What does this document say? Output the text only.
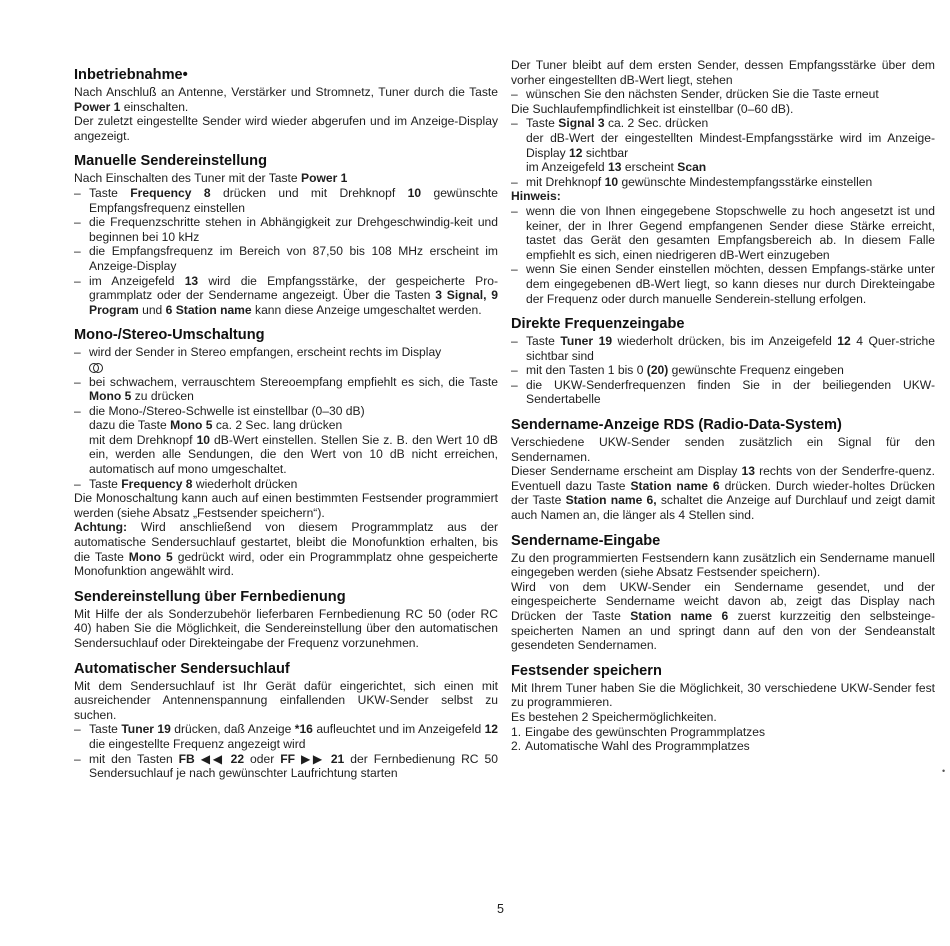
Inbetriebnahme•

Nach Anschluß an Antenne, Verstärker und Stromnetz, Tuner durch die Taste Power 1 einschalten.

Der zuletzt eingestellte Sender wird wieder abgerufen und im Anzeige-Display angezeigt.

Manuelle Sendereinstellung

Nach Einschalten des Tuner mit der Taste Power 1

– Taste Frequency 8 drücken und mit Drehknopf 10 gewünschte Empfangsfrequenz einstellen
– die Frequenzschritte stehen in Abhängigkeit zur Drehgeschwindig-keit und beginnen bei 10 kHz
– die Empfangsfrequenz im Bereich von 87,50 bis 108 MHz erscheint im Anzeige-Display
– im Anzeigefeld 13 wird die Empfangsstärke, der gespeicherte Pro-grammplatz oder der Sendername angezeigt. Über die Tasten 3 Signal, 9 Program und 6 Station name kann diese Anzeige umgeschaltet werden.
Mono-/Stereo-Umschaltung
– wird der Sender in Stereo empfangen, erscheint rechts im Display

– bei schwachem, verrauschtem Stereoempfang empfiehlt es sich, die Taste Mono 5 zu drücken
– die Mono-/Stereo-Schwelle ist einstellbar (0–30 dB)

dazu die Taste Mono 5 ca. 2 Sec. lang drücken

mit dem Drehknopf 10 dB-Wert einstellen. Stellen Sie z. B. den Wert 10 dB ein, werden alle Sendungen, die den Wert von 10 dB nicht erreichen, automatisch auf mono umgeschaltet.

– Taste Frequency 8 wiederholt drücken

Die Monoschaltung kann auch auf einen bestimmten Festsender programmiert werden (siehe Absatz „Festsender speichern“).

Achtung: Wird anschließend von diesem Programmplatz aus der automatische Sendersuchlauf gestartet, bleibt die Monofunktion erhalten, bis die Taste Mono 5 gedrückt wird, oder ein Programmplatz ohne gespeicherte Monofunktion angewählt wird.

Sendereinstellung über Fernbedienung

Mit Hilfe der als Sonderzubehör lieferbaren Fernbedienung RC 50 (oder RC 40) haben Sie die Möglichkeit, die Sendereinstellung über den automatischen Sendersuchlauf oder Direkteingabe der Frequenz vorzunehmen.

Automatischer Sendersuchlauf

Mit dem Sendersuchlauf ist Ihr Gerät dafür eingerichtet, sich einen mit ausreichender Antennenspannung einfallenden UKW-Sender selbst zu suchen.

– Taste Tuner 19 drücken, daß Anzeige *16 aufleuchtet und im Anzeigefeld 12 die eingestellte Frequenz angezeigt wird
– mit den Tasten FB ◀◀ 22 oder FF ▶▶ 21 der Fernbedienung RC 50 Sendersuchlauf je nach gewünschter Laufrichtung starten

Der Tuner bleibt auf dem ersten Sender, dessen Empfangsstärke über dem vorher eingestellten dB-Wert liegt, stehen

– wünschen Sie den nächsten Sender, drücken Sie die Taste erneut

Die Suchlaufempfindlichkeit ist einstellbar (0–60 dB).

– Taste Signal 3 ca. 2 Sec. drücken

der dB-Wert der eingestellten Mindest-Empfangsstärke wird im Anzeige-Display 12 sichtbar

im Anzeigefeld 13 erscheint Scan

– mit Drehknopf 10 gewünschte Mindestempfangsstärke einstellen

Hinweis:

– wenn die von Ihnen eingegebene Stopschwelle zu hoch angesetzt ist und keiner, der in Ihrer Gegend empfangenen Sender diese Stärke erreicht, tastet das Gerät den gesamten Empfangsbereich ab. In diesem Falle empfiehlt es sich, einen niedrigeren dB-Wert einzugeben
– wenn Sie einen Sender einstellen möchten, dessen Empfangs-stärke unter dem eingegebenen dB-Wert liegt, so kann dieses nur durch Direkteingabe der Frequenz oder durch manuelle Senderein-stellung erfolgen.
Direkte Frequenzeingabe
– Taste Tuner 19 wiederholt drücken, bis im Anzeigefeld 12 4 Quer-striche sichtbar sind
– mit den Tasten 1 bis 0 (20) gewünschte Frequenz eingeben
– die UKW-Senderfrequenzen finden Sie in der beiliegenden UKW-Sendertabelle
Sendername-Anzeige RDS (Radio-Data-System)

Verschiedene UKW-Sender senden zusätzlich ein Signal für den Sendernamen.

Dieser Sendername erscheint am Display 13 rechts von der Senderfre-quenz. Eventuell dazu Taste Station name 6 drücken. Durch wieder-holtes Drücken der Taste Station name 6, schaltet die Anzeige auf Durchlauf und zeigt damit auch Namen an, die länger als 4 Stellen sind.

Sendername-Eingabe

Zu den programmierten Festsendern kann zusätzlich ein Sendername manuell eingegeben werden (siehe Absatz Festsender speichern).

Wird von dem UKW-Sender ein Sendername gesendet, und der eingespeicherte Sendername weicht davon ab, zeigt das Display nach Drücken der Taste Station name 6 zuerst kurzzeitig den selbsteinge-speicherten Namen an und springt dann auf den von der Sendeanstalt gesendeten Sendernamen.

Festsender speichern

Mit Ihrem Tuner haben Sie die Möglichkeit, 30 verschiedene UKW-Sender fest zu programmieren.

Es bestehen 2 Speichermöglichkeiten.

1. Eingabe des gewünschten Programmplatzes
2. Automatische Wahl des Programmplatzes
5
•
